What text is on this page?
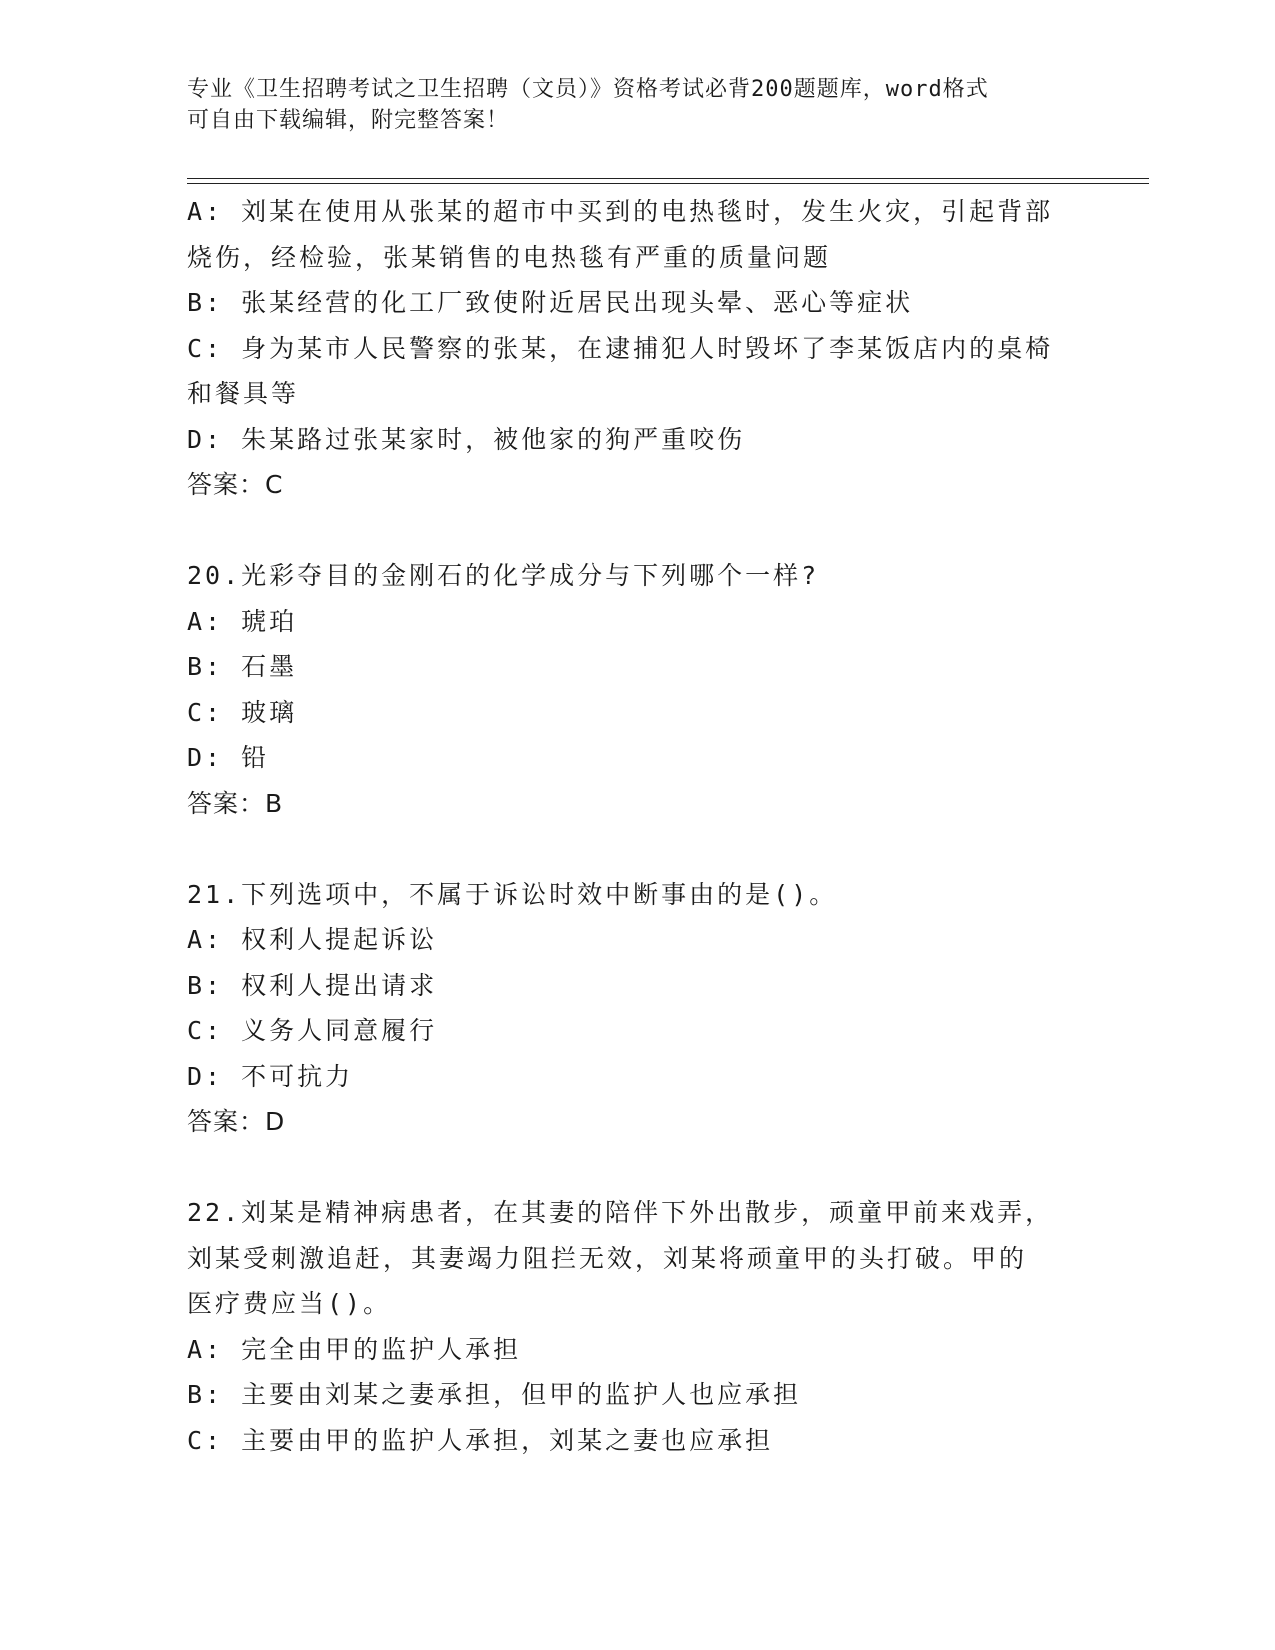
专业《卫生招聘考试之卫生招聘（文员）》资格考试必背200题题库，word格式
可自由下载编辑，附完整答案！

A: 刘某在使用从张某的超市中买到的电热毯时，发生火灾，引起背部

烧伤，经检验，张某销售的电热毯有严重的质量问题

B: 张某经营的化工厂致使附近居民出现头晕、恶心等症状

C: 身为某市人民警察的张某，在逮捕犯人时毁坏了李某饭店内的桌椅

和餐具等

D: 朱某路过张某家时，被他家的狗严重咬伤

答案：C

20.光彩夺目的金刚石的化学成分与下列哪个一样?

A: 琥珀

B: 石墨

C: 玻璃

D: 铅

答案：B

21.下列选项中，不属于诉讼时效中断事由的是()。

A: 权利人提起诉讼

B: 权利人提出请求

C: 义务人同意履行

D: 不可抗力

答案：D

22.刘某是精神病患者，在其妻的陪伴下外出散步，顽童甲前来戏弄，

刘某受刺激追赶，其妻竭力阻拦无效，刘某将顽童甲的头打破。甲的

医疗费应当()。

A: 完全由甲的监护人承担

B: 主要由刘某之妻承担，但甲的监护人也应承担

C: 主要由甲的监护人承担，刘某之妻也应承担
